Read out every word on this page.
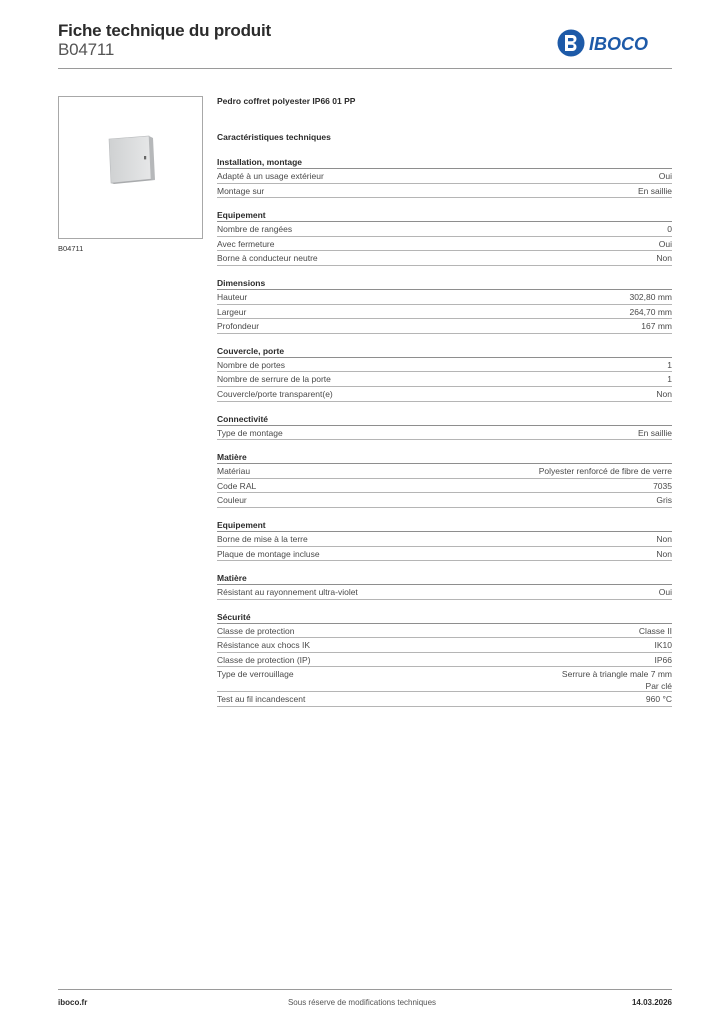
Fiche technique du produit
B04711	IBOCO
B04711
Pedro coffret polyester IP66 01 PP
Caractéristiques techniques
Installation, montage
Adapté à un usage extérieur	Oui
Montage sur	En saillie
Equipement
Nombre de rangées	0
Avec fermeture	Oui
Borne à conducteur neutre	Non
Dimensions
Hauteur	302,80 mm
Largeur	264,70 mm
Profondeur	167 mm
Couvercle, porte
Nombre de portes	1
Nombre de serrure de la porte	1
Couvercle/porte transparent(e)	Non
Connectivité
Type de montage	En saillie
Matière
Matériau	Polyester renforcé de fibre de verre
Code RAL	7035
Couleur	Gris
Equipement
Borne de mise à la terre	Non
Plaque de montage incluse	Non
Matière
Résistant au rayonnement ultra-violet	Oui
Sécurité
Classe de protection	Classe II
Résistance aux chocs IK	IK10
Classe de protection (IP)	IP66
Type de verrouillage	Serrure à triangle male 7 mm
Par clé
Test au fil incandescent	960 °C
iboco.fr	Sous réserve de modifications techniques	14.03.2026
